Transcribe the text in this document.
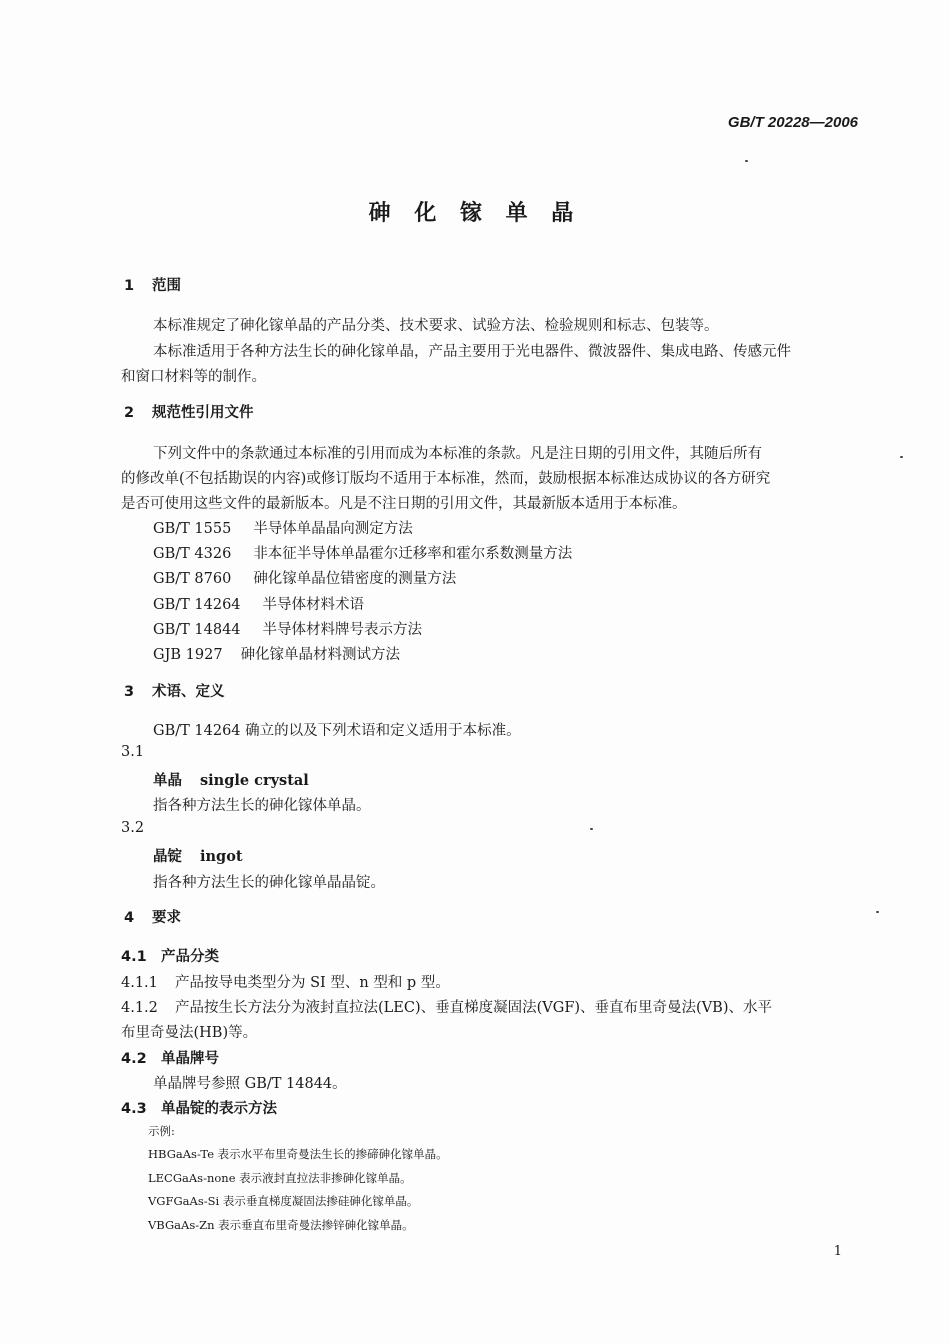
GB/T 20228—2006
砷 化 镓 单 晶
1 范围
本标准规定了砷化镓单晶的产品分类、技术要求、试验方法、检验规则和标志、包装等。
本标准适用于各种方法生长的砷化镓单晶，产品主要用于光电器件、微波器件、集成电路、传感元件
和窗口材料等的制作。
2 规范性引用文件
下列文件中的条款通过本标准的引用而成为本标准的条款。凡是注日期的引用文件，其随后所有
的修改单(不包括勘误的内容)或修订版均不适用于本标准，然而，鼓励根据本标准达成协议的各方研究
是否可使用这些文件的最新版本。凡是不注日期的引用文件，其最新版本适用于本标准。
GB/T 1555 半导体单晶晶向测定方法
GB/T 4326 非本征半导体单晶霍尔迁移率和霍尔系数测量方法
GB/T 8760 砷化镓单晶位错密度的测量方法
GB/T 14264 半导体材料术语
GB/T 14844 半导体材料牌号表示方法
GJB 1927 砷化镓单晶材料测试方法
3 术语、定义
GB/T 14264 确立的以及下列术语和定义适用于本标准。
3.1
单晶 single crystal
指各种方法生长的砷化镓体单晶。
3.2
晶锭 ingot
指各种方法生长的砷化镓单晶晶锭。
4 要求
4.1 产品分类
4.1.1 产品按导电类型分为 SI 型、n 型和 p 型。
4.1.2 产品按生长方法分为液封直拉法(LEC)、垂直梯度凝固法(VGF)、垂直布里奇曼法(VB)、水平
布里奇曼法(HB)等。
4.2 单晶牌号
单晶牌号参照 GB/T 14844。
4.3 单晶锭的表示方法
示例:
HBGaAs-Te 表示水平布里奇曼法生长的掺碲砷化镓单晶。
LECGaAs-none 表示液封直拉法非掺砷化镓单晶。
VGFGaAs-Si 表示垂直梯度凝固法掺硅砷化镓单晶。
VBGaAs-Zn 表示垂直布里奇曼法掺锌砷化镓单晶。
1
